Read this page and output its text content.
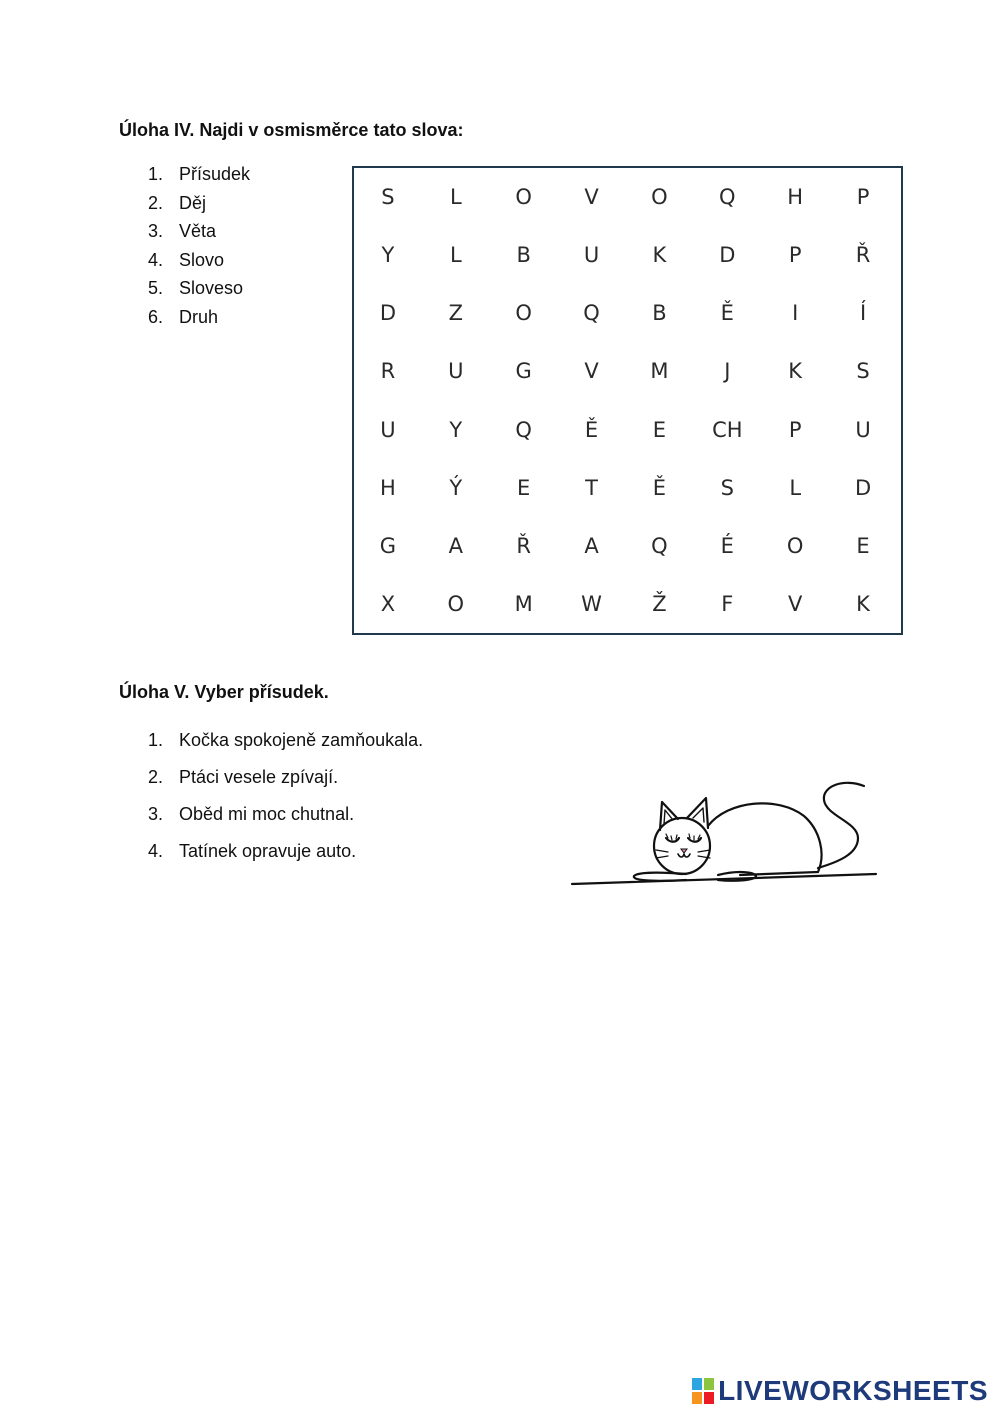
Úloha IV. Najdi v osmisměrce tato slova:
1. Přísudek
2. Děj
3. Věta
4. Slovo
5. Sloveso
6. Druh
S	L	O	V	O	Q	H	P
Y	L	B	U	K	D	P	Ř
D	Z	O	Q	B	Ě	I	Í
R	U	G	V	M	J	K	S
U	Y	Q	Ě	E	CH	P	U
H	Ý	E	T	Ě	S	L	D
G	A	Ř	A	Q	É	O	E
X	O	M	W	Ž	F	V	K
Úloha V. Vyber přísudek.
1. Kočka spokojeně zamňoukala.
2. Ptáci vesele zpívají.
3. Oběd mi moc chutnal.
4. Tatínek opravuje auto.
LIVEWORKSHEETS
